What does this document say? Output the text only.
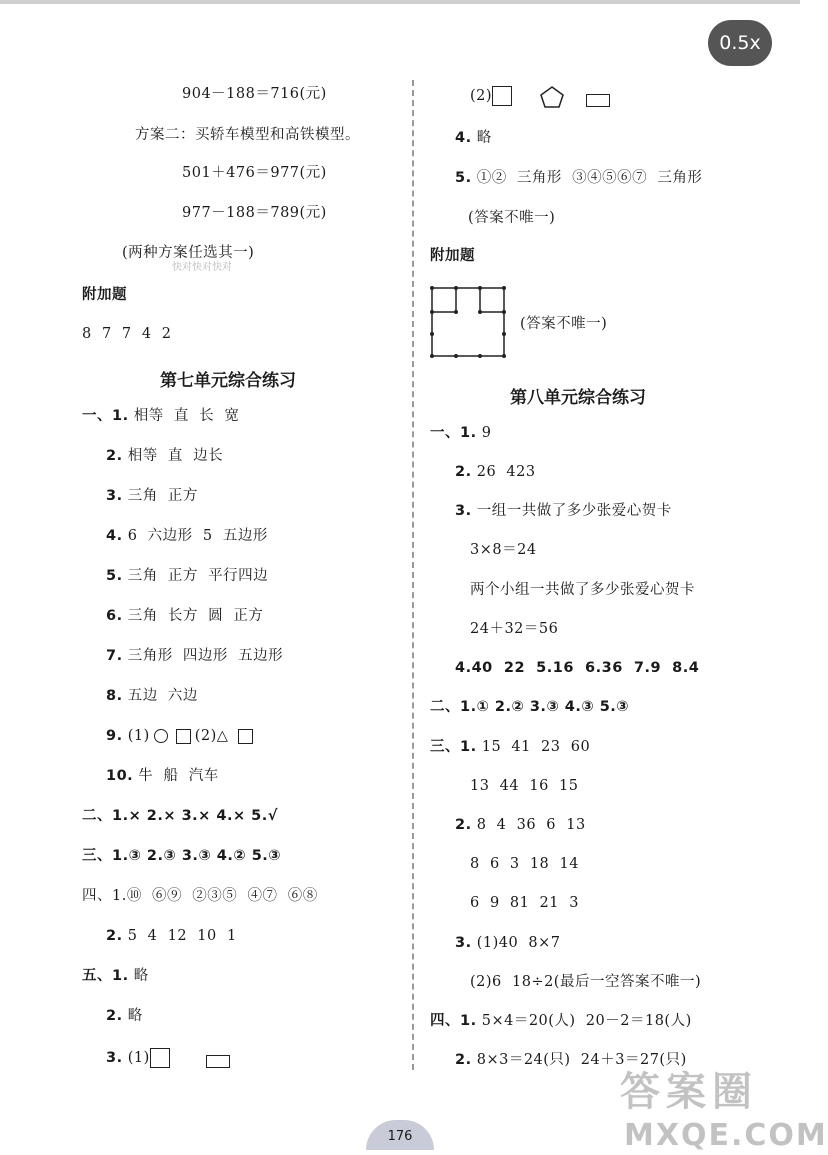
0.5x
904－188＝716(元)
方案二：买轿车模型和高铁模型。
501＋476＝977(元)
977－188＝789(元)
(两种方案任选其一)
快对快对快对
附加题
8  7  7  4  2
第七单元综合练习
一、1. 相等  直  长  宽
2. 相等  直  边长
3. 三角  正方
4. 6  六边形  5  五边形
5. 三角  正方  平行四边
6. 三角  长方  圆  正方
7. 三角形  四边形  五边形
8. 五边  六边
9. (1)	(2)△
10. 牛  船  汽车
二、1.× 2.× 3.× 4.× 5.√
三、1.③ 2.③ 3.③ 4.② 5.③
四、1.⑩  ⑥⑨  ②③⑤  ④⑦  ⑥⑧
2. 5  4  12  10  1
五、1. 略
2. 略
3. (1)
(2)
4. 略
5. ①②  三角形  ③④⑤⑥⑦  三角形
(答案不唯一)
附加题
(答案不唯一)
第八单元综合练习
一、1. 9
2. 26  423
3. 一组一共做了多少张爱心贺卡
3×8＝24
两个小组一共做了多少张爱心贺卡
24＋32＝56
4.40  22  5.16  6.36  7.9  8.4
二、1.① 2.② 3.③ 4.③ 5.③
三、1. 15  41  23  60
13  44  16  15
2. 8  4  36  6  13
8  6  3  18  14
6  9  81  21  3
3. (1)40  8×7
(2)6  18÷2(最后一空答案不唯一)
四、1. 5×4＝20(人)  20－2＝18(人)
2. 8×3＝24(只)  24＋3＝27(只)
176
答案圈
MXQE.COM
